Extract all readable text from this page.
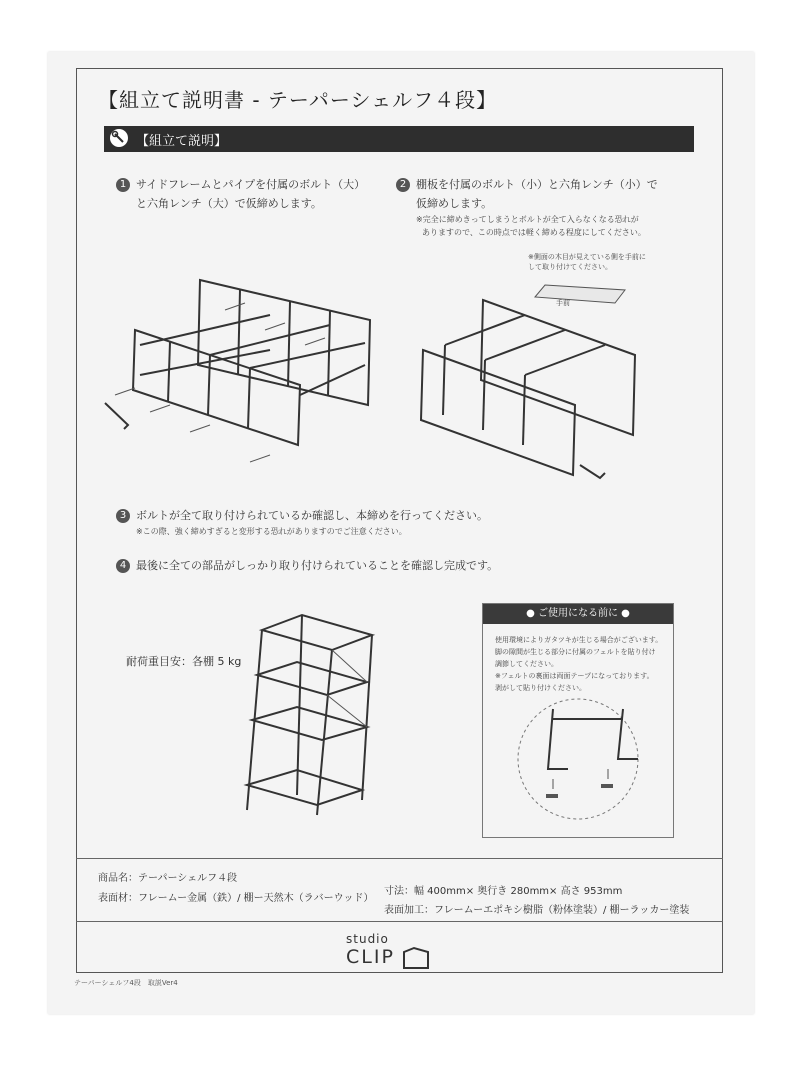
【組立て説明書 - テーパーシェルフ４段】
【組立て説明】
1 サイドフレームとパイプを付属のボルト（大）
と六角レンチ（大）で仮締めします。
2 棚板を付属のボルト（小）と六角レンチ（小）で
仮締めします。
※完全に締めきってしまうとボルトが全て入らなくなる恐れが
ありますので、この時点では軽く締める程度にしてください。
※側面の木目が見えている側を手前に
して取り付けてください。
手前
3 ボルトが全て取り付けられているか確認し、本締めを行ってください。
※この際、強く締めすぎると変形する恐れがありますのでご注意ください。
4 最後に全ての部品がしっかり取り付けられていることを確認し完成です。
耐荷重目安：各棚 5 kg
● ご使用になる前に ●
使用環境によりガタツキが生じる場合がございます。
脚の隙間が生じる部分に付属のフェルトを貼り付け
調節してください。
※フェルトの裏面は両面テープになっております。
剥がして貼り付けください。
商品名：テーパーシェルフ４段
表面材：フレームー金属（鉄）/ 棚ー天然木（ラバーウッド）
寸法：幅 400mm× 奥行き 280mm× 高さ 953mm
表面加工：フレームーエポキシ樹脂（粉体塗装）/ 棚ーラッカー塗装
studio
CLIP
テーパーシェルフ4段　取説Ver4
